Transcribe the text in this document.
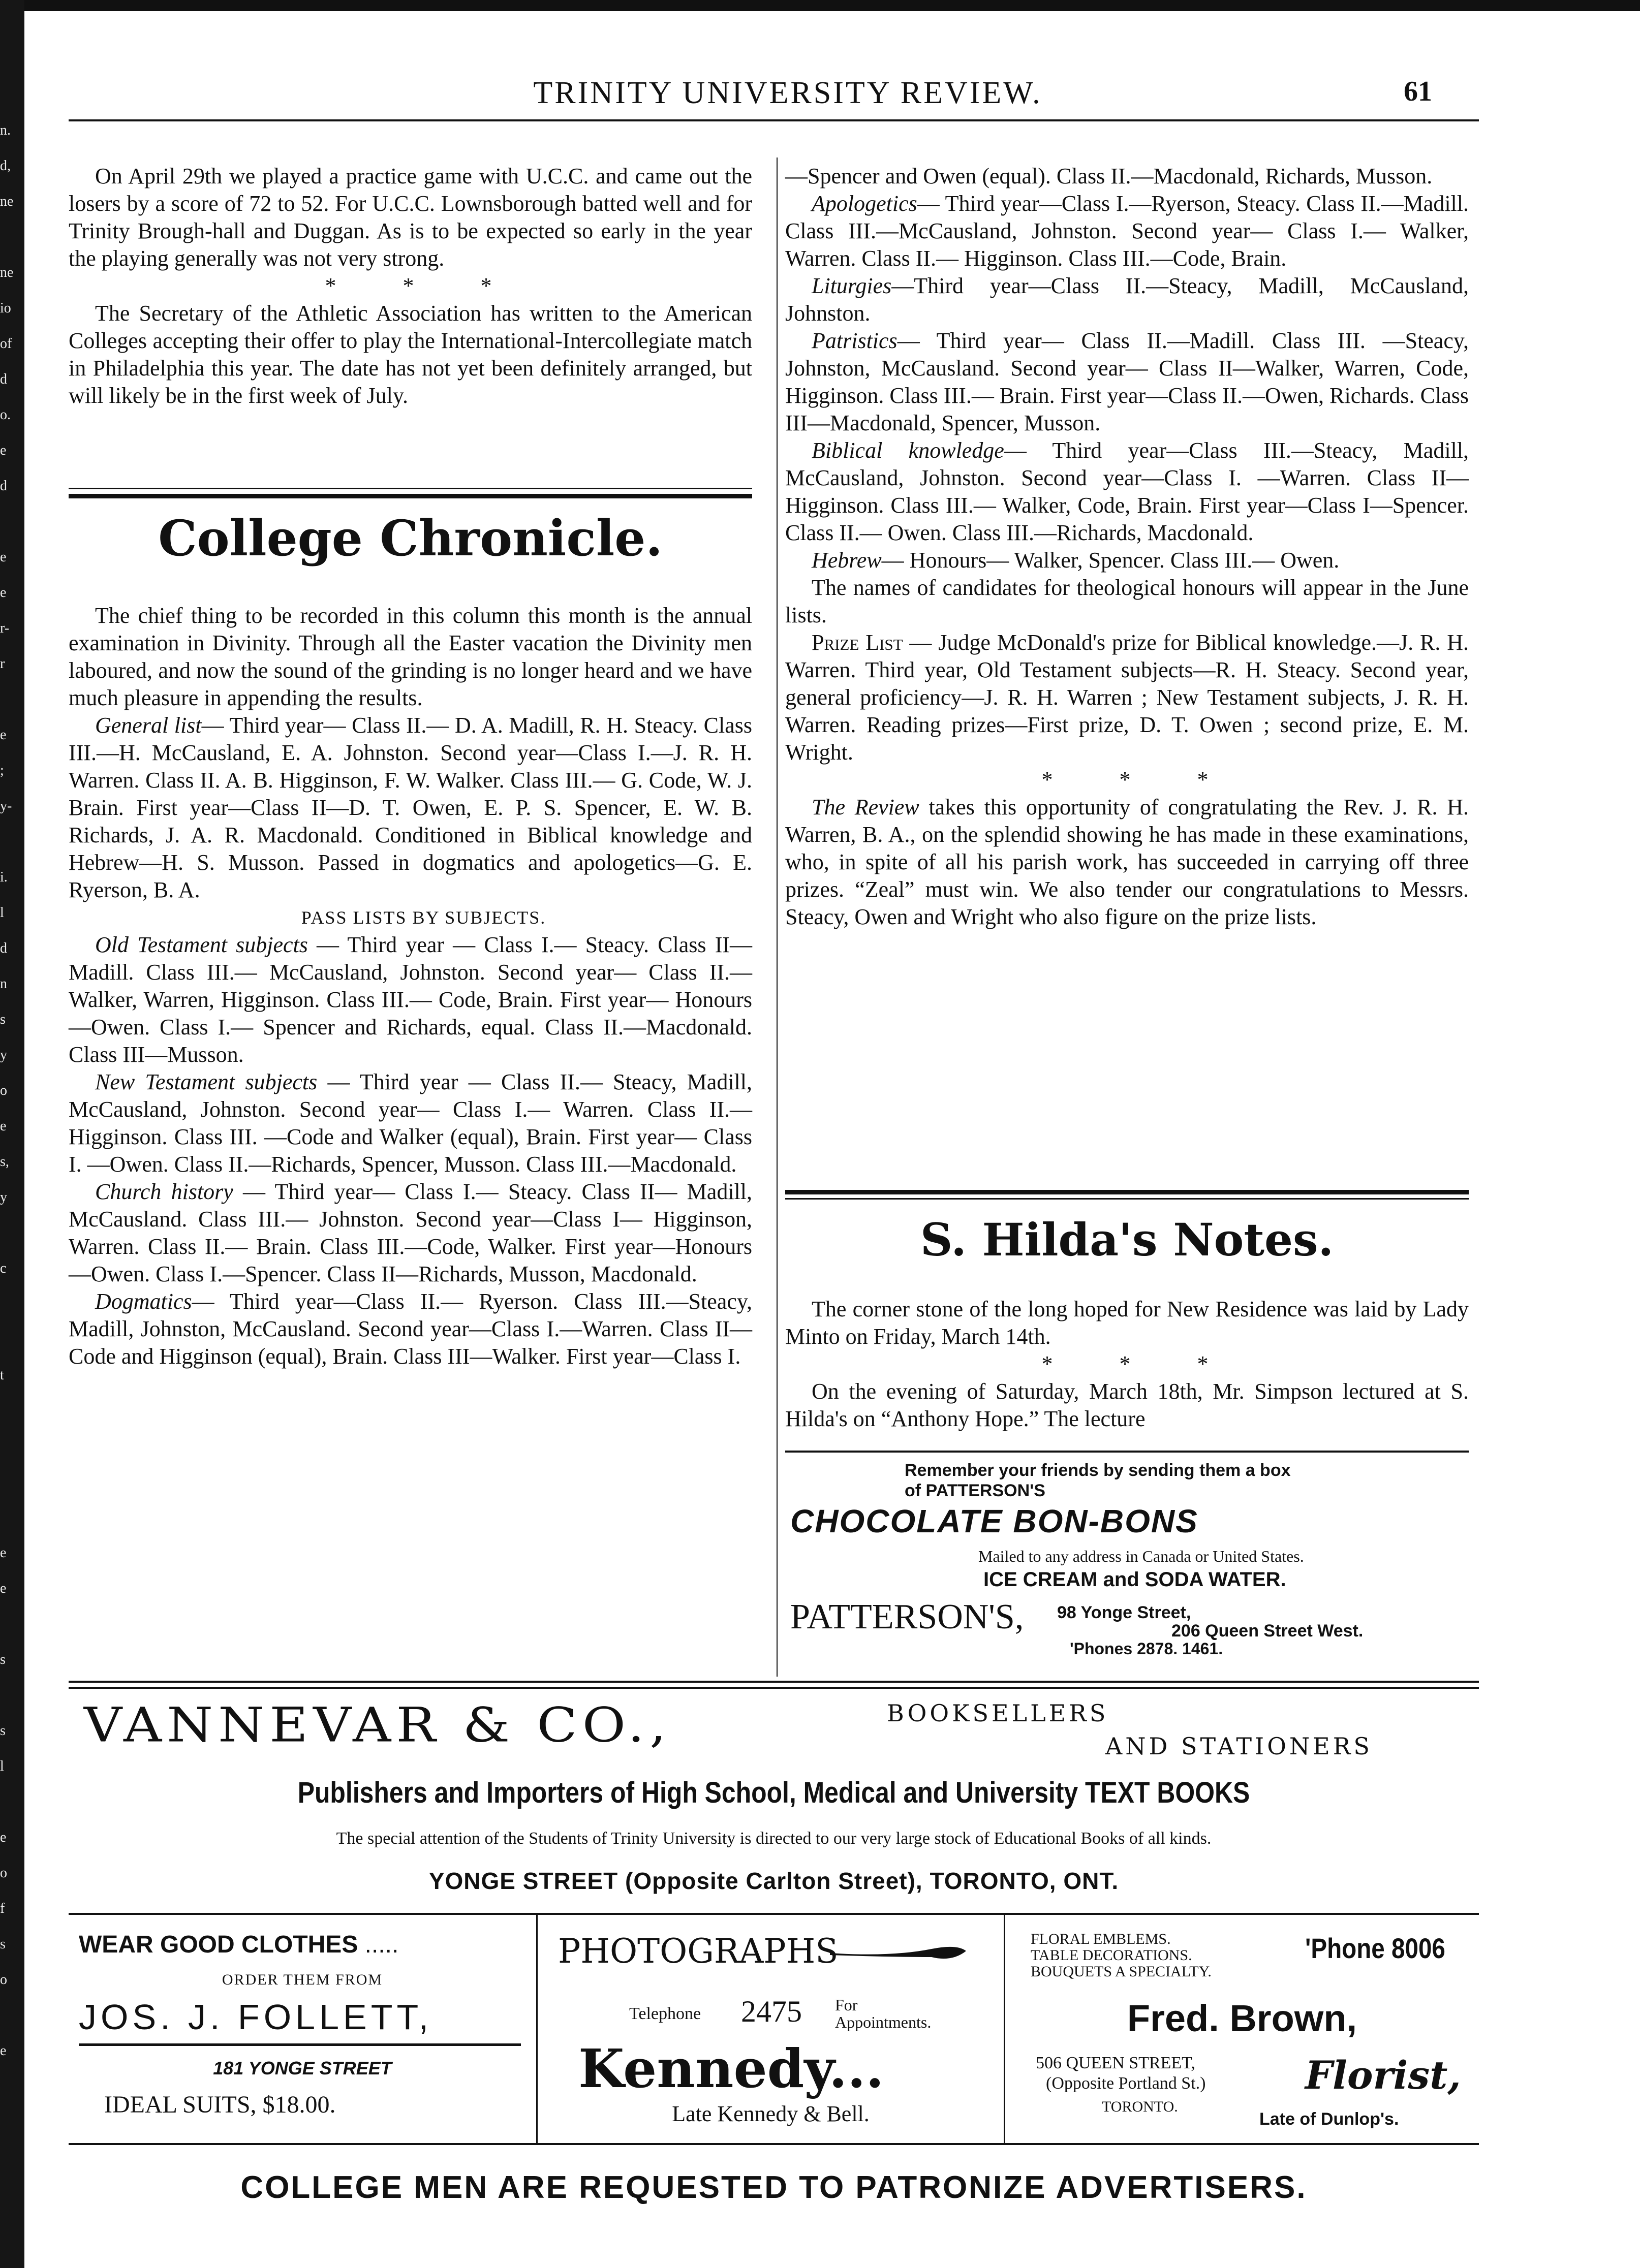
n.
d,
ne
ne
io
of
d
o.
e
d
e
e
r-
r
e
;
y-
i.
l
d
n
s
y
o
e
s,
y
c
t
e
e
s
s
l
e
o
f
s
o
e
TRINITY UNIVERSITY REVIEW.	61

On April 29th we played a practice game with U.C.C. and came out the losers by a score of 72 to 52. For U.C.C. Lownsborough batted well and for Trinity Brough-hall and Duggan. As is to be expected so early in the year the playing generally was not very strong.

* * *

The Secretary of the Athletic Association has written to the American Colleges accepting their offer to play the International-Intercollegiate match in Philadelphia this year. The date has not yet been definitely arranged, but will likely be in the first week of July.

College Chronicle.

The chief thing to be recorded in this column this month is the annual examination in Divinity. Through all the Easter vacation the Divinity men laboured, and now the sound of the grinding is no longer heard and we have much pleasure in appending the results.

General list— Third year— Class II.— D. A. Madill, R. H. Steacy. Class III.—H. McCausland, E. A. Johnston. Second year—Class I.—J. R. H. Warren. Class II. A. B. Higginson, F. W. Walker. Class III.— G. Code, W. J. Brain. First year—Class II—D. T. Owen, E. P. S. Spencer, E. W. B. Richards, J. A. R. Macdonald. Conditioned in Biblical knowledge and Hebrew—H. S. Musson. Passed in dogmatics and apologetics—G. E. Ryerson, B. A.

PASS LISTS BY SUBJECTS.

Old Testament subjects — Third year — Class I.— Steacy. Class II—Madill. Class III.— McCausland, Johnston. Second year— Class II.— Walker, Warren, Higginson. Class III.— Code, Brain. First year— Honours—Owen. Class I.— Spencer and Richards, equal. Class II.—Macdonald. Class III—Musson.

New Testament subjects — Third year — Class II.— Steacy, Madill, McCausland, Johnston. Second year— Class I.— Warren. Class II.— Higginson. Class III. —Code and Walker (equal), Brain. First year— Class I. —Owen. Class II.—Richards, Spencer, Musson. Class III.—Macdonald.

Church history — Third year— Class I.— Steacy. Class II— Madill, McCausland. Class III.— Johnston. Second year—Class I— Higginson, Warren. Class II.— Brain. Class III.—Code, Walker. First year—Honours —Owen. Class I.—Spencer. Class II—Richards, Musson, Macdonald.

Dogmatics— Third year—Class II.— Ryerson. Class III.—Steacy, Madill, Johnston, McCausland. Second year—Class I.—Warren. Class II—Code and Higginson (equal), Brain. Class III—Walker. First year—Class I.

—Spencer and Owen (equal). Class II.—Macdonald, Richards, Musson.

Apologetics— Third year—Class I.—Ryerson, Steacy. Class II.—Madill. Class III.—McCausland, Johnston. Second year— Class I.— Walker, Warren. Class II.— Higginson. Class III.—Code, Brain.

Liturgies—Third year—Class II.—Steacy, Madill, McCausland, Johnston.

Patristics— Third year— Class II.—Madill. Class III. —Steacy, Johnston, McCausland. Second year— Class II—Walker, Warren, Code, Higginson. Class III.— Brain. First year—Class II.—Owen, Richards. Class III—Macdonald, Spencer, Musson.

Biblical knowledge— Third year—Class III.—Steacy, Madill, McCausland, Johnston. Second year—Class I. —Warren. Class II—Higginson. Class III.— Walker, Code, Brain. First year—Class I—Spencer. Class II.— Owen. Class III.—Richards, Macdonald.

Hebrew— Honours— Walker, Spencer. Class III.— Owen.

The names of candidates for theological honours will appear in the June lists.

Prize List — Judge McDonald's prize for Biblical knowledge.—J. R. H. Warren. Third year, Old Testament subjects—R. H. Steacy. Second year, general proficiency—J. R. H. Warren ; New Testament subjects, J. R. H. Warren. Reading prizes—First prize, D. T. Owen ; second prize, E. M. Wright.

* * *

The Review takes this opportunity of congratulating the Rev. J. R. H. Warren, B. A., on the splendid showing he has made in these examinations, who, in spite of all his parish work, has succeeded in carrying off three prizes. “Zeal” must win. We also tender our congratulations to Messrs. Steacy, Owen and Wright who also figure on the prize lists.

S. Hilda's Notes.

The corner stone of the long hoped for New Residence was laid by Lady Minto on Friday, March 14th.

* * *

On the evening of Saturday, March 18th, Mr. Simpson lectured at S. Hilda's on “Anthony Hope.” The lecture

Remember your friends by sending them a box
of PATTERSON'S
CHOCOLATE BON-BONS
Mailed to any address in Canada or United States.
ICE CREAM and SODA WATER.
PATTERSON'S, 98 Yonge Street,
206 Queen Street West.
'Phones 2878. 1461.
VANNEVAR & CO.,	BOOKSELLERS
AND STATIONERS
Publishers and Importers of High School, Medical and University TEXT BOOKS
The special attention of the Students of Trinity University is directed to our very large stock of Educational Books of all kinds.
YONGE STREET (Opposite Carlton Street), TORONTO, ONT.
WEAR GOOD CLOTHES .....
ORDER THEM FROM
JOS. J. FOLLETT,
181 YONGE STREET
IDEAL SUITS, $18.00.
PHOTOGRAPHS
Telephone 2475 For
Appointments.
Kennedy...
Late Kennedy & Bell.
FLORAL EMBLEMS.
TABLE DECORATIONS.
BOUQUETS A SPECIALTY.
'Phone 8006
Fred. Brown,
506 QUEEN STREET,
(Opposite Portland St.)
TORONTO.
Florist,
Late of Dunlop's.
COLLEGE MEN ARE REQUESTED TO PATRONIZE ADVERTISERS.
